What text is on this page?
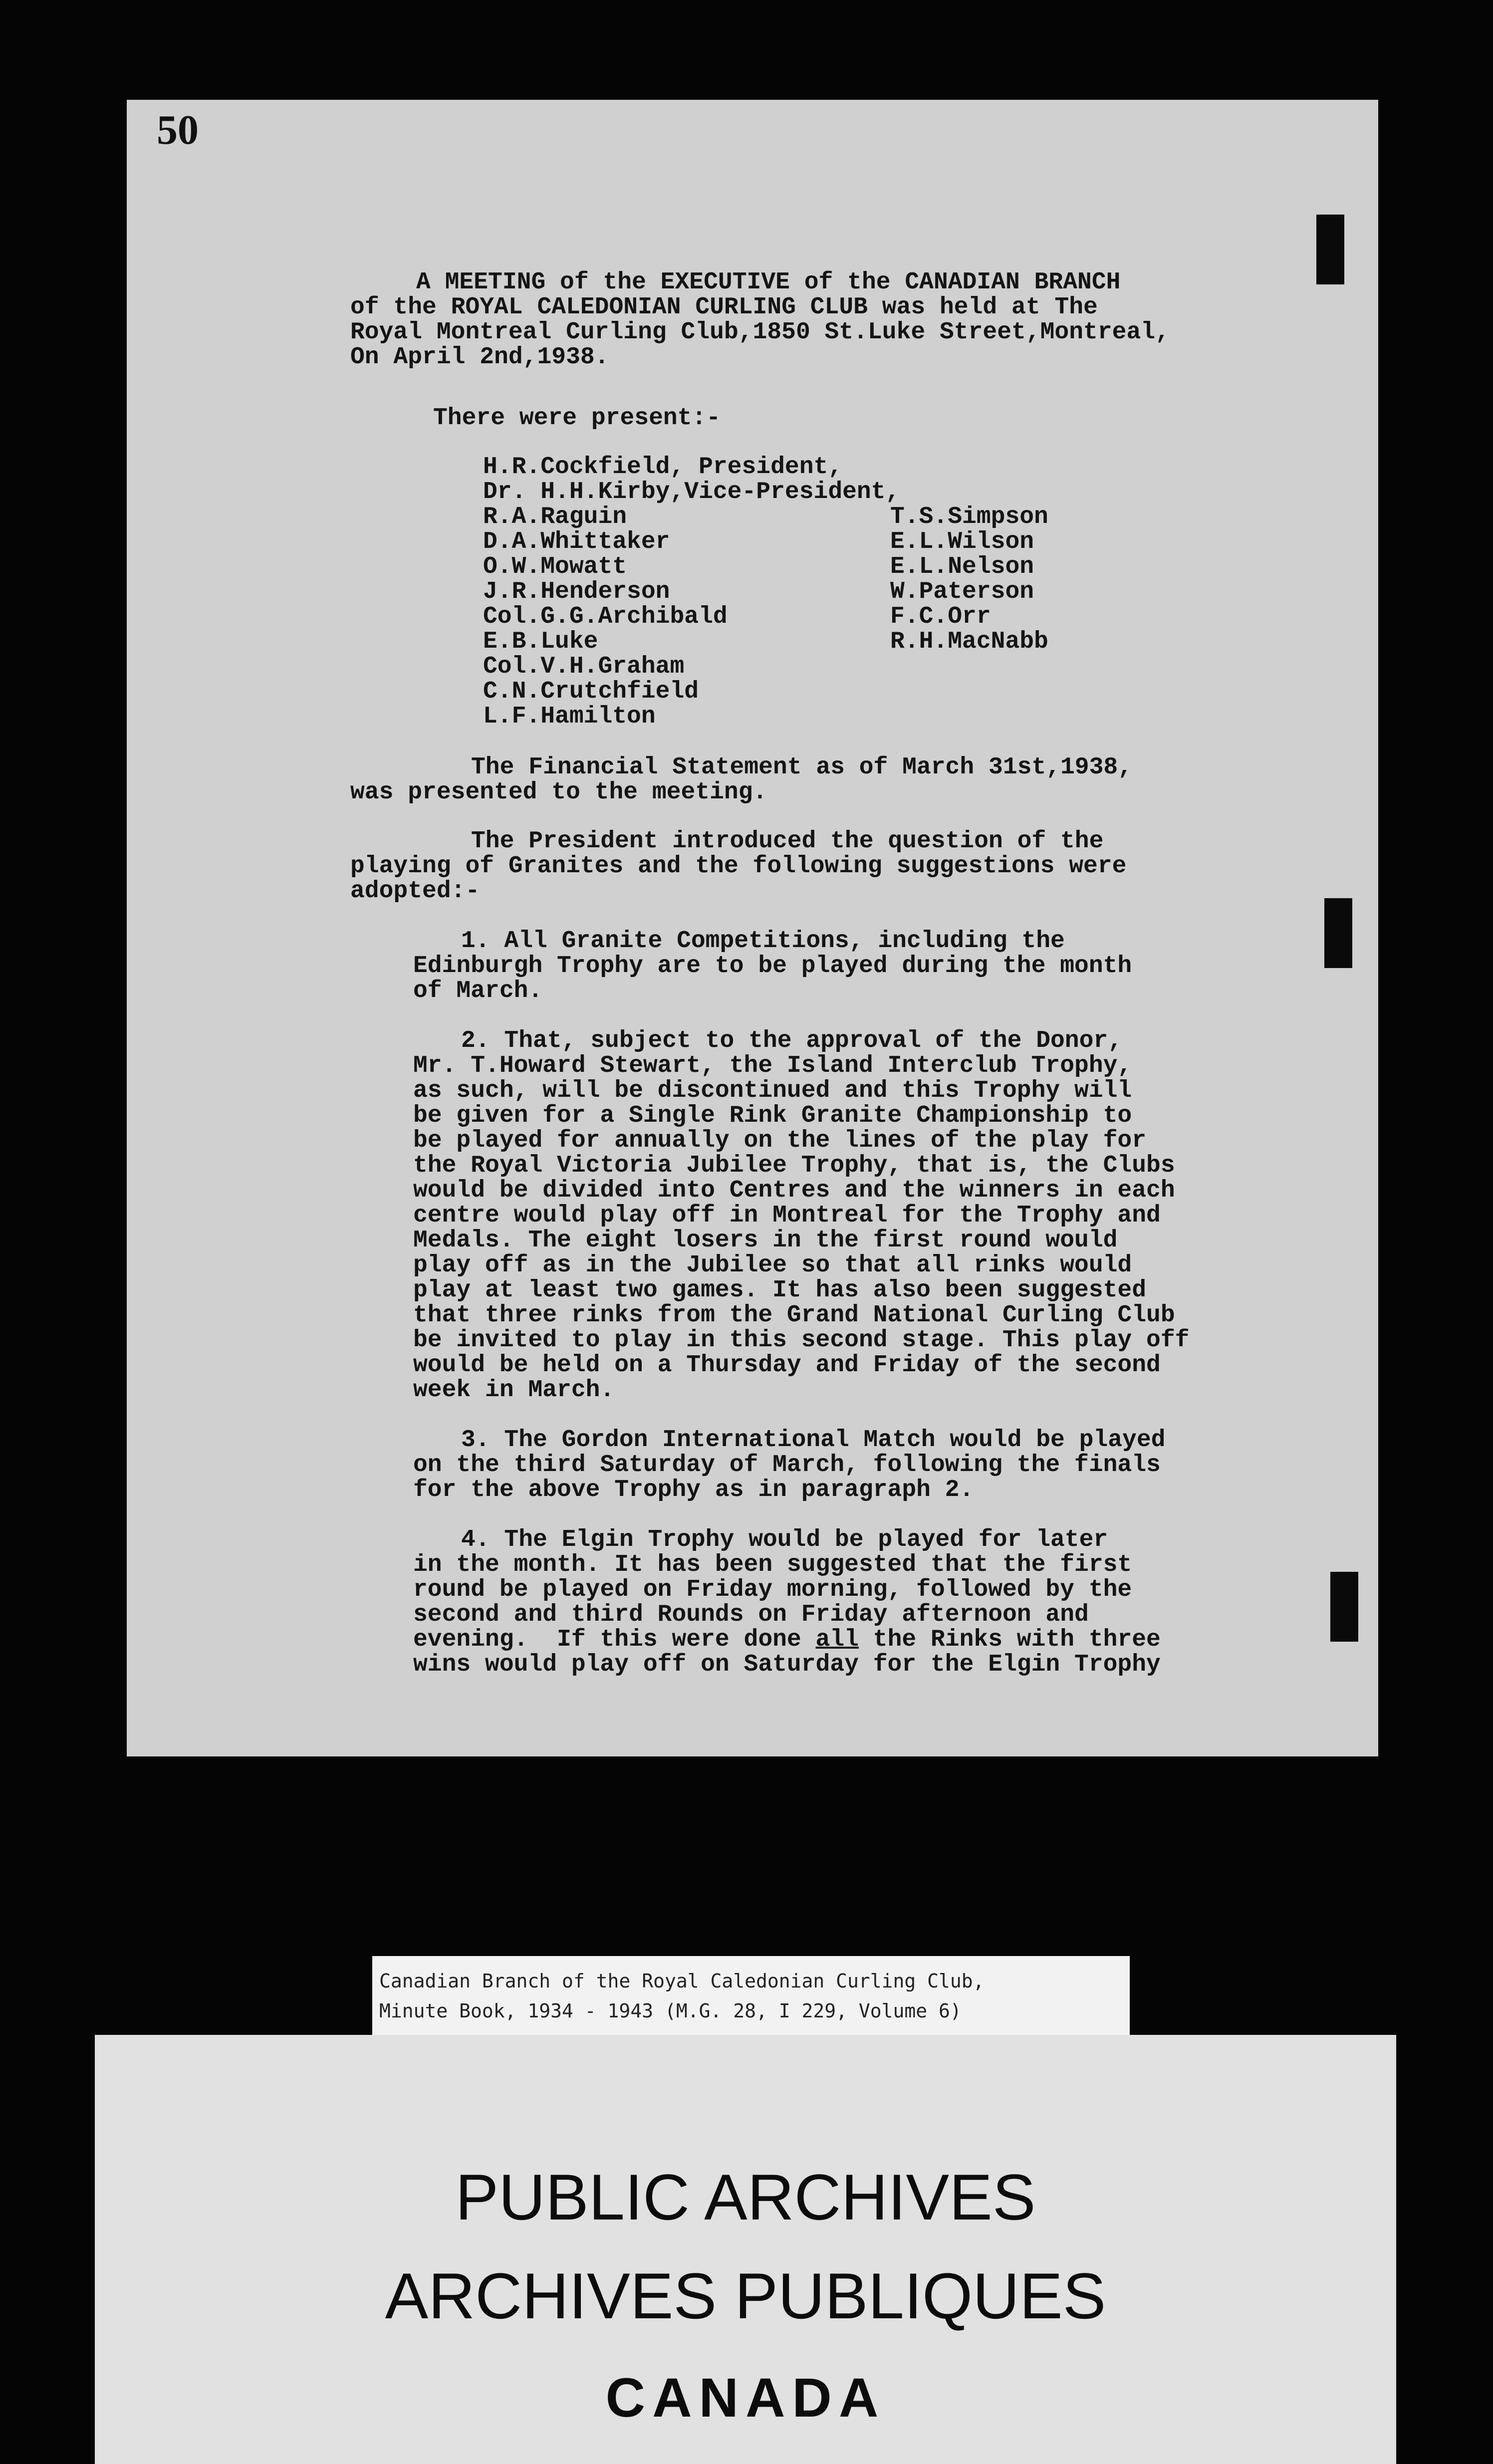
50
A MEETING of the EXECUTIVE of the CANADIAN BRANCH
of the ROYAL CALEDONIAN CURLING CLUB was held at The
Royal Montreal Curling Club,1850 St.Luke Street,Montreal,
On April 2nd,1938.
There were present:-
H.R.Cockfield, President,
Dr. H.H.Kirby,Vice-President,
R.A.Raguin
D.A.Whittaker
O.W.Mowatt
J.R.Henderson
Col.G.G.Archibald
E.B.Luke
Col.V.H.Graham
C.N.Crutchfield
L.F.Hamilton
T.S.Simpson
E.L.Wilson
E.L.Nelson
W.Paterson
F.C.Orr
R.H.MacNabb
The Financial Statement as of March 31st,1938,
was presented to the meeting.
The President introduced the question of the
playing of Granites and the following suggestions were
adopted:-
1. All Granite Competitions, including the
Edinburgh Trophy are to be played during the month
of March.
2. That, subject to the approval of the Donor,
Mr. T.Howard Stewart, the Island Interclub Trophy,
as such, will be discontinued and this Trophy will
be given for a Single Rink Granite Championship to
be played for annually on the lines of the play for
the Royal Victoria Jubilee Trophy, that is, the Clubs
would be divided into Centres and the winners in each
centre would play off in Montreal for the Trophy and
Medals. The eight losers in the first round would
play off as in the Jubilee so that all rinks would
play at least two games. It has also been suggested
that three rinks from the Grand National Curling Club
be invited to play in this second stage. This play off
would be held on a Thursday and Friday of the second
week in March.
3. The Gordon International Match would be played
on the third Saturday of March, following the finals
for the above Trophy as in paragraph 2.
4. The Elgin Trophy would be played for later
in the month. It has been suggested that the first
round be played on Friday morning, followed by the
second and third Rounds on Friday afternoon and
evening.  If this were done all the Rinks with three
wins would play off on Saturday for the Elgin Trophy
Canadian Branch of the Royal Caledonian Curling Club,
Minute Book, 1934 - 1943 (M.G. 28, I 229, Volume 6)
PUBLIC ARCHIVES
ARCHIVES PUBLIQUES
CANADA
